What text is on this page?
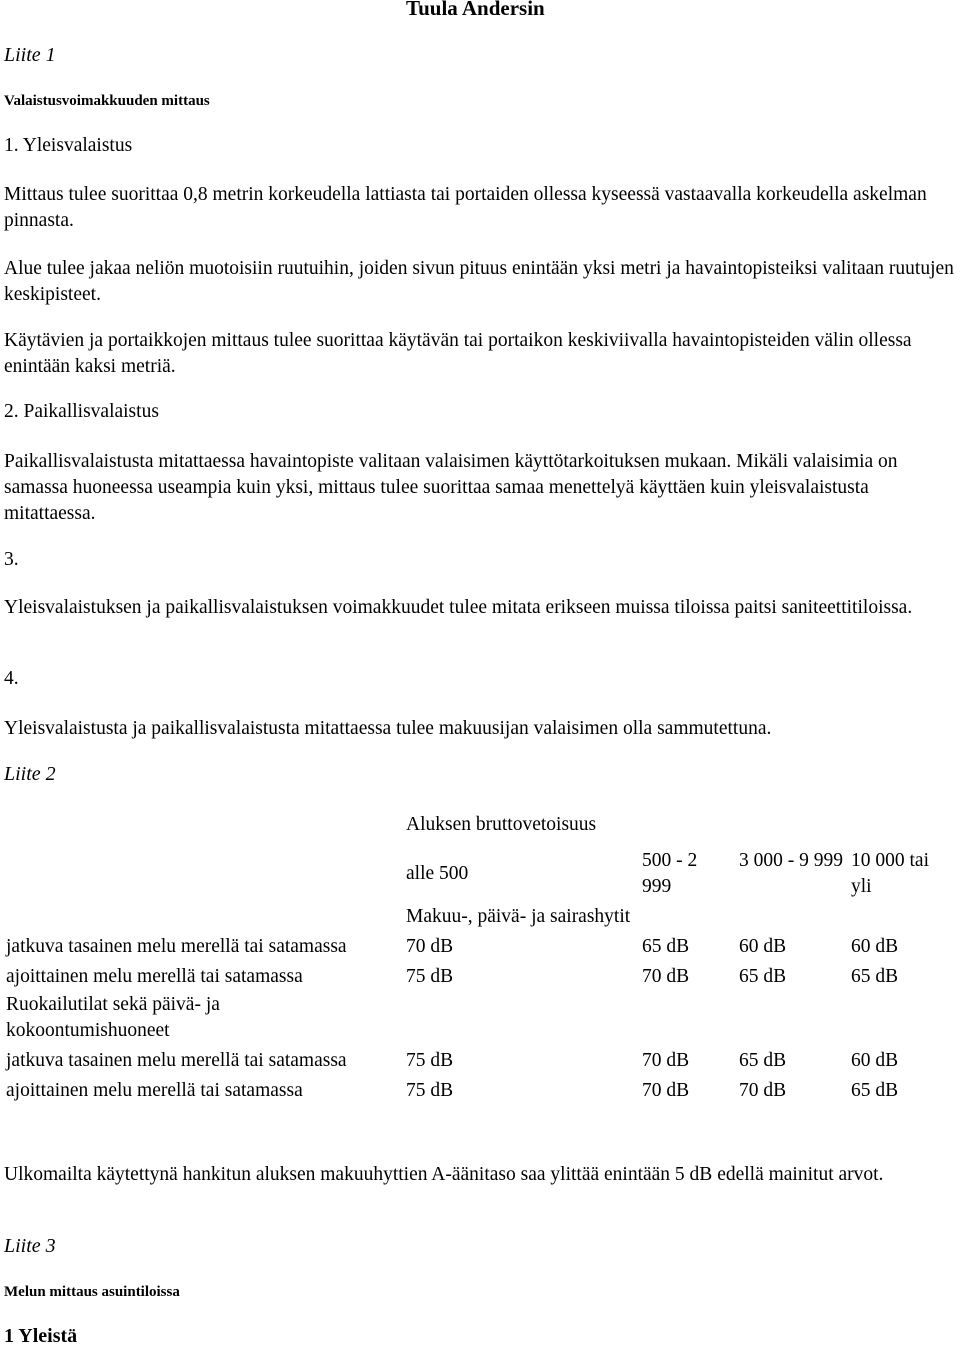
Tuula Andersin
Liite 1
Valaistusvoimakkuuden mittaus
1. Yleisvalaistus
Mittaus tulee suorittaa 0,8 metrin korkeudella lattiasta tai portaiden ollessa kyseessä vastaavalla korkeudella askelman pinnasta.
Alue tulee jakaa neliön muotoisiin ruutuihin, joiden sivun pituus enintään yksi metri ja havaintopisteiksi valitaan ruutujen keskipisteet.
Käytävien ja portaikkojen mittaus tulee suorittaa käytävän tai portaikon keskiviivalla havaintopisteiden välin ollessa enintään kaksi metriä.
2. Paikallisvalaistus
Paikallisvalaistusta mitattaessa havaintopiste valitaan valaisimen käyttötarkoituksen mukaan. Mikäli valaisimia on samassa huoneessa useampia kuin yksi, mittaus tulee suorittaa samaa menettelyä käyttäen kuin yleisvalaistusta mitattaessa.
3.
Yleisvalaistuksen ja paikallisvalaistuksen voimakkuudet tulee mitata erikseen muissa tiloissa paitsi saniteettitiloissa.
4.
Yleisvalaistusta ja paikallisvalaistusta mitattaessa tulee makuusijan valaisimen olla sammutettuna.
Liite 2
	Aluksen bruttovetoisuus			
	alle 500	500 - 2 999	3 000 - 9 999	10 000 tai yli
	Makuu-, päivä- ja sairashytit			
jatkuva tasainen melu merellä tai satamassa	70 dB	65 dB	60 dB	60 dB
ajoittainen melu merellä tai satamassa	75 dB	70 dB	65 dB	65 dB

Ruokailutilat sekä päivä- ja kokoontumishuoneet				

jatkuva tasainen melu merellä tai satamassa	75 dB	70 dB	65 dB	60 dB
ajoittainen melu merellä tai satamassa	75 dB	70 dB	70 dB	65 dB
Ulkomailta käytettynä hankitun aluksen makuuhyttien A-äänitaso saa ylittää enintään 5 dB edellä mainitut arvot.
Liite 3
Melun mittaus asuintiloissa
1 Yleistä
